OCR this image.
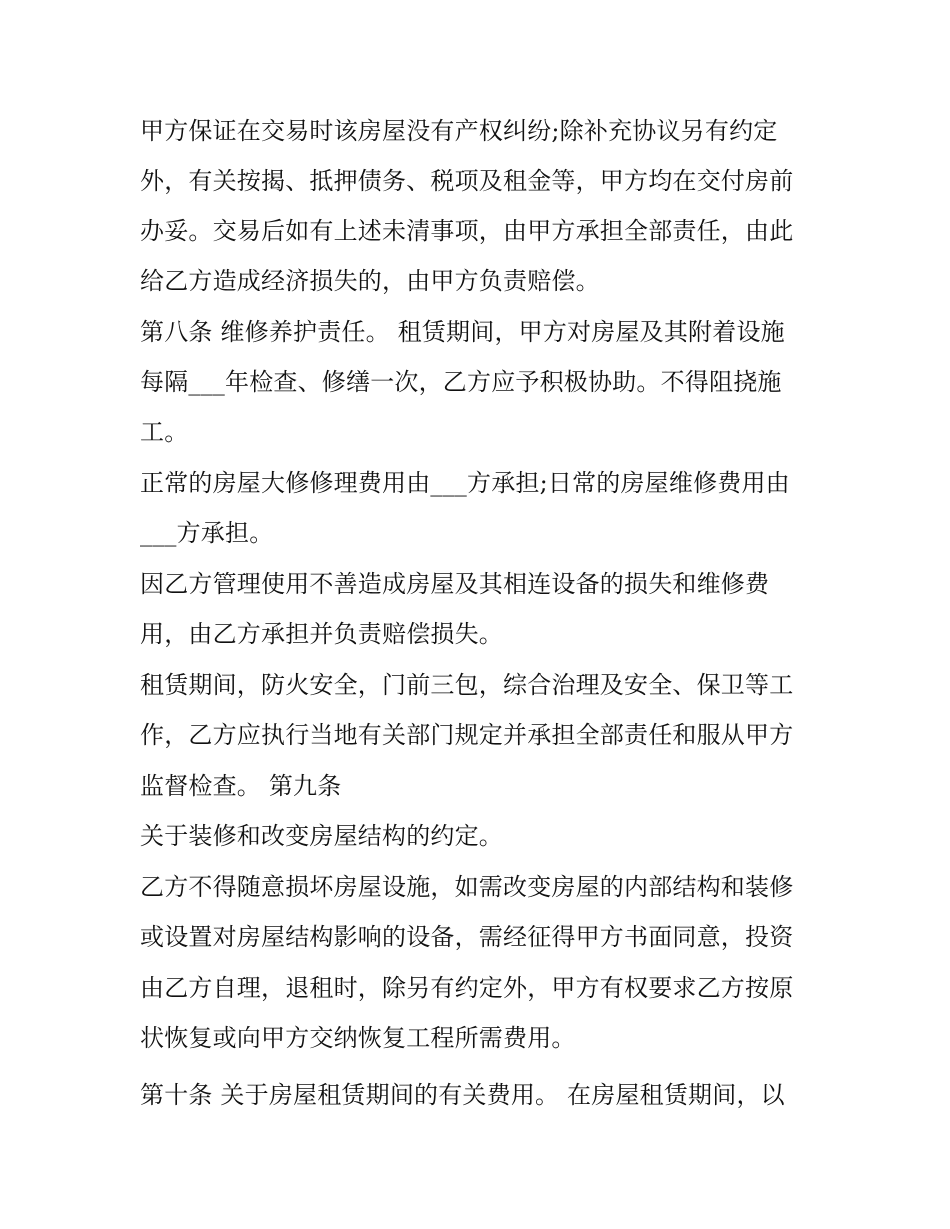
甲方保证在交易时该房屋没有产权纠纷;除补充协议另有约定
外，有关按揭、抵押债务、税项及租金等，甲方均在交付房前
办妥。交易后如有上述未清事项，由甲方承担全部责任，由此
给乙方造成经济损失的，由甲方负责赔偿。
第八条 维修养护责任。 租赁期间，甲方对房屋及其附着设施
每隔___年检查、修缮一次，乙方应予积极协助。不得阻挠施
工。
正常的房屋大修修理费用由___方承担;日常的房屋维修费用由
___方承担。
因乙方管理使用不善造成房屋及其相连设备的损失和维修费
用，由乙方承担并负责赔偿损失。
租赁期间，防火安全，门前三包，综合治理及安全、保卫等工
作，乙方应执行当地有关部门规定并承担全部责任和服从甲方
监督检查。 第九条
关于装修和改变房屋结构的约定。
乙方不得随意损坏房屋设施，如需改变房屋的内部结构和装修
或设置对房屋结构影响的设备，需经征得甲方书面同意，投资
由乙方自理，退租时，除另有约定外，甲方有权要求乙方按原
状恢复或向甲方交纳恢复工程所需费用。
第十条 关于房屋租赁期间的有关费用。 在房屋租赁期间，以
